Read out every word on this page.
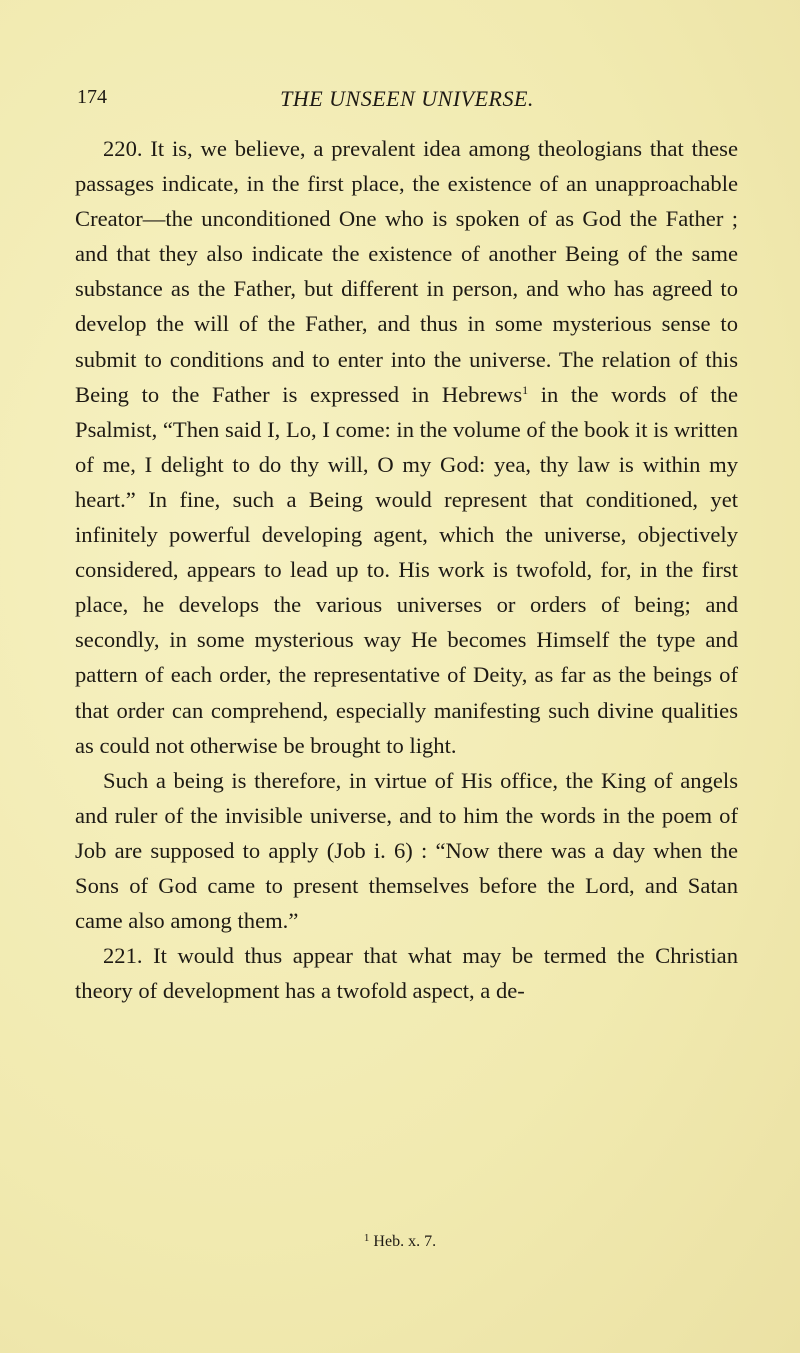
174	THE UNSEEN UNIVERSE.

220. It is, we believe, a prevalent idea among theologians that these passages indicate, in the first place, the existence of an unapproachable Creator—the unconditioned One who is spoken of as God the Father ; and that they also indicate the existence of another Being of the same substance as the Father, but different in person, and who has agreed to develop the will of the Father, and thus in some mysterious sense to submit to conditions and to enter into the universe. The relation of this Being to the Father is expressed in Hebrews$^1$ in the words of the Psalmist, “Then said I, Lo, I come: in the volume of the book it is written of me, I delight to do thy will, O my God: yea, thy law is within my heart.” In fine, such a Being would represent that conditioned, yet infinitely powerful developing agent, which the universe, objectively considered, appears to lead up to. His work is twofold, for, in the first place, he develops the various universes or orders of being; and secondly, in some mysterious way He becomes Himself the type and pattern of each order, the representative of Deity, as far as the beings of that order can comprehend, especially manifesting such divine qualities as could not otherwise be brought to light.

Such a being is therefore, in virtue of His office, the King of angels and ruler of the invisible universe, and to him the words in the poem of Job are supposed to apply (Job i. 6) : “Now there was a day when the Sons of God came to present themselves before the Lord, and Satan came also among them.”

221. It would thus appear that what may be termed the Christian theory of development has a twofold aspect, a de-

$^1$ Heb. x. 7.
